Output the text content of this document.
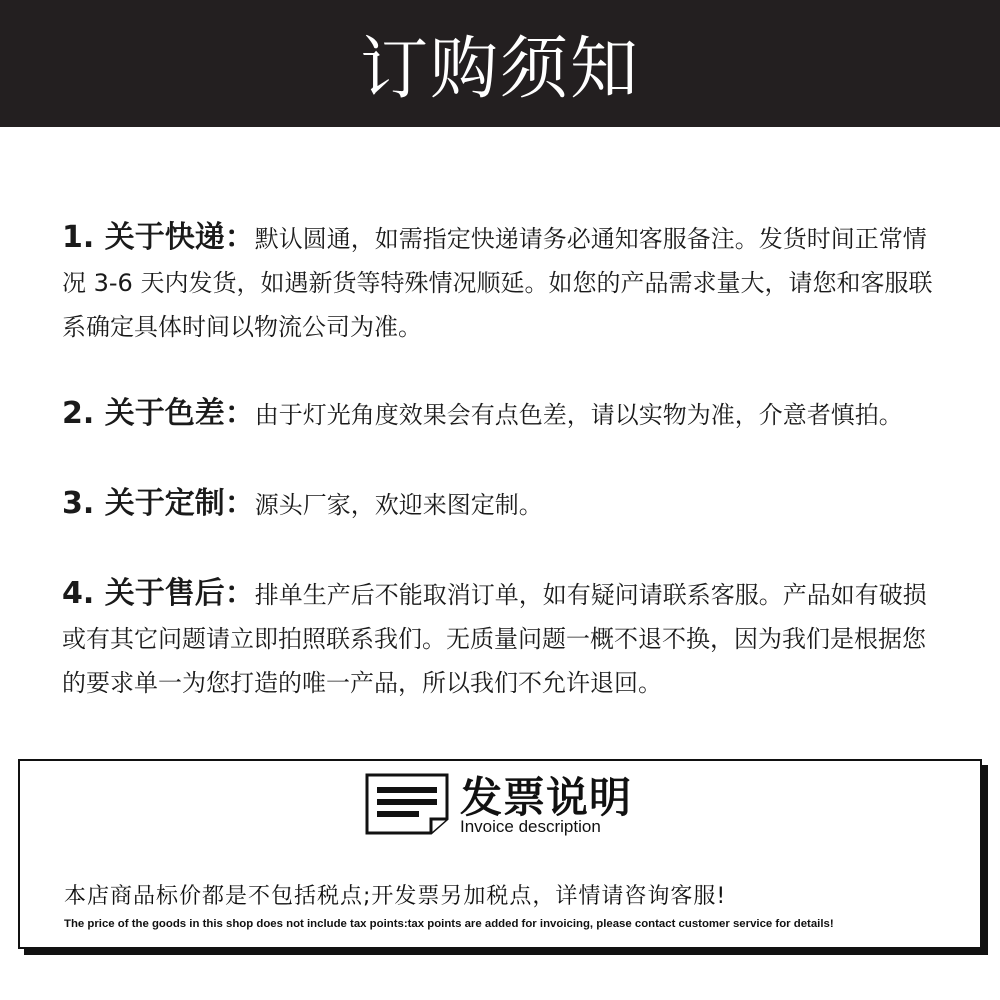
订购须知
1. 关于快递：默认圆通，如需指定快递请务必通知客服备注。发货时间正常情况 3-6 天内发货，如遇新货等特殊情况顺延。如您的产品需求量大，请您和客服联系确定具体时间以物流公司为准。
2. 关于色差：由于灯光角度效果会有点色差，请以实物为准，介意者慎拍。
3. 关于定制：源头厂家，欢迎来图定制。
4. 关于售后：排单生产后不能取消订单，如有疑问请联系客服。产品如有破损或有其它问题请立即拍照联系我们。无质量问题一概不退不换，因为我们是根据您的要求单一为您打造的唯一产品，所以我们不允许退回。
发票说明
Invoice description
本店商品标价都是不包括税点;开发票另加税点，详情请咨询客服!
The price of the goods in this shop does not include tax points:tax points are added for invoicing, please contact customer service for details!
